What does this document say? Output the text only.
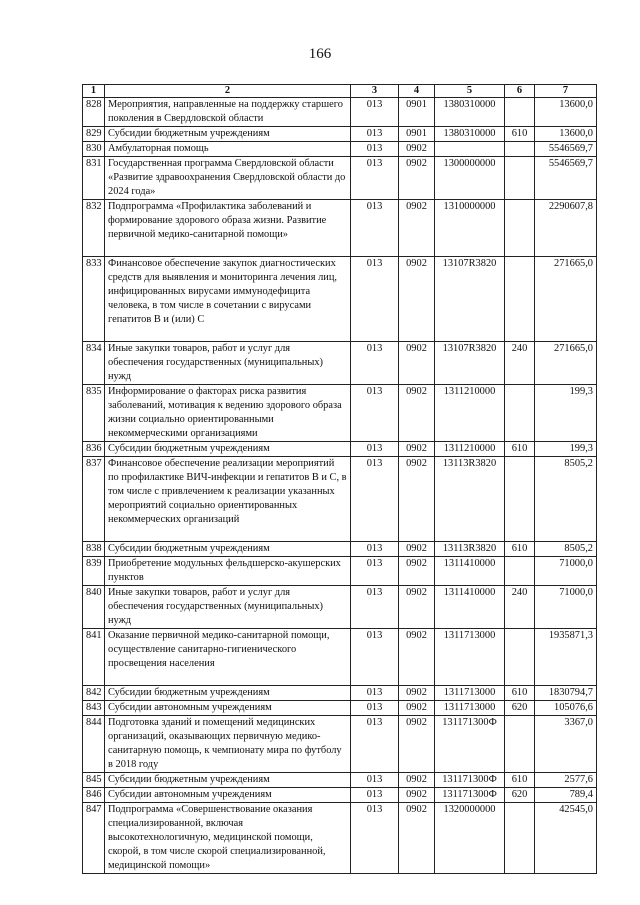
166
1	2	3	4	5	6	7
828	Мероприятия, направленные на поддержку старшего поколения в Свердловской области	013	0901	1380310000		13600,0
829	Субсидии бюджетным учреждениям	013	0901	1380310000	610	13600,0
830	Амбулаторная помощь	013	0902			5546569,7
831	Государственная программа Свердловской области «Развитие здравоохранения Свердловской области до 2024 года»	013	0902	1300000000		5546569,7
832	Подпрограмма «Профилактика заболеваний и формирование здорового образа жизни. Развитие первичной медико-санитарной помощи»	013	0902	1310000000		2290607,8
833	Финансовое обеспечение закупок диагностических средств для выявления и мониторинга лечения лиц, инфицированных вирусами иммунодефицита человека, в том числе в сочетании с вирусами гепатитов В и (или) С	013	0902	13107R3820		271665,0
834	Иные закупки товаров, работ и услуг для обеспечения государственных (муниципальных) нужд	013	0902	13107R3820	240	271665,0
835	Информирование о факторах риска развития заболеваний, мотивация к ведению здорового образа жизни социально ориентированными некоммерческими организациями	013	0902	1311210000		199,3
836	Субсидии бюджетным учреждениям	013	0902	1311210000	610	199,3
837	Финансовое обеспечение реализации мероприятий по профилактике ВИЧ-инфекции и гепатитов В и С, в том числе с привлечением к реализации указанных мероприятий социально ориентированных некоммерческих организаций	013	0902	13113R3820		8505,2
838	Субсидии бюджетным учреждениям	013	0902	13113R3820	610	8505,2
839	Приобретение модульных фельдшерско-акушерских пунктов	013	0902	1311410000		71000,0
840	Иные закупки товаров, работ и услуг для обеспечения государственных (муниципальных) нужд	013	0902	1311410000	240	71000,0
841	Оказание первичной медико-санитарной помощи, осуществление санитарно-гигиенического просвещения населения	013	0902	1311713000		1935871,3
842	Субсидии бюджетным учреждениям	013	0902	1311713000	610	1830794,7
843	Субсидии автономным учреждениям	013	0902	1311713000	620	105076,6
844	Подготовка зданий и помещений медицинских организаций, оказывающих первичную медико-санитарную помощь, к чемпионату мира по футболу в 2018 году	013	0902	131171300Ф		3367,0
845	Субсидии бюджетным учреждениям	013	0902	131171300Ф	610	2577,6
846	Субсидии автономным учреждениям	013	0902	131171300Ф	620	789,4
847	Подпрограмма «Совершенствование оказания специализированной, включая высокотехнологичную, медицинской помощи, скорой, в том числе скорой специализированной, медицинской помощи»	013	0902	1320000000		42545,0
